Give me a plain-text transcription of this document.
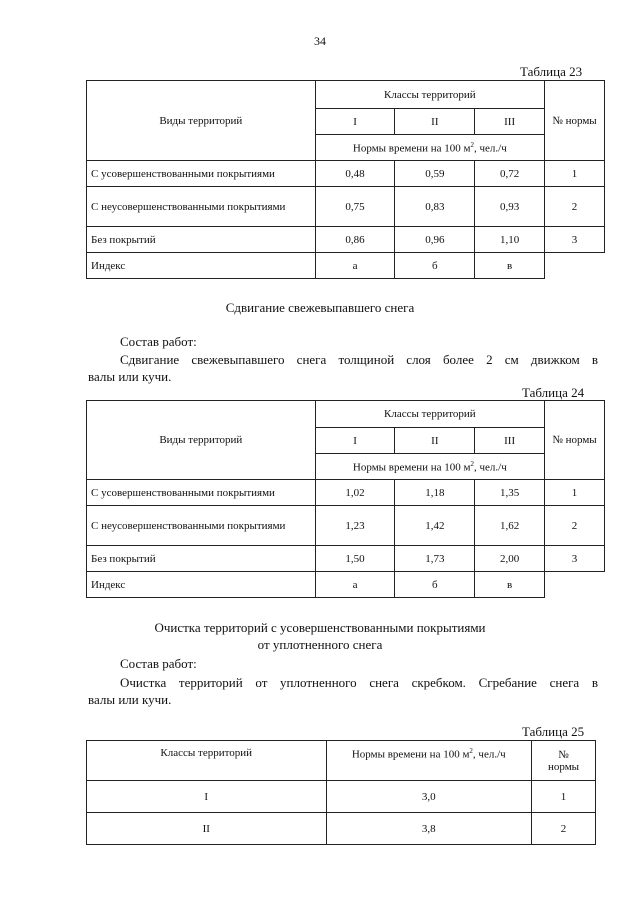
34
Таблица 23
Виды территорий	Классы территорий			№ нормы
	I	II	III	
	Нормы времени на 100 $м^2$, чел./ч			
С усовершенствованными покрытиями	0,48	0,59	0,72	1
С неусовершенствованными покрытиями	0,75	0,83	0,93	2
Без покрытий	0,86	0,96	1,10	3
Индекс	а	б	в	
Сдвигание свежевыпавшего снега
Состав работ:
Сдвигание свежевыпавшего снега толщиной слоя более 2 см движком в
валы или кучи.
Таблица 24
Виды территорий	Классы территорий			№ нормы
	I	II	III	
	Нормы времени на 100 $м^2$, чел./ч			
С усовершенствованными покрытиями	1,02	1,18	1,35	1
С неусовершенствованными покрытиями	1,23	1,42	1,62	2
Без покрытий	1,50	1,73	2,00	3
Индекс	а	б	в	
Очистка территорий с усовершенствованными покрытиями
от уплотненного снега
Состав работ:
Очистка территорий от уплотненного снега скребком. Сгребание снега в
валы или кучи.
Таблица 25
Классы территорий	Нормы времени на 100 $м^2$, чел./ч	№
нормы
I	3,0	1
II	3,8	2
